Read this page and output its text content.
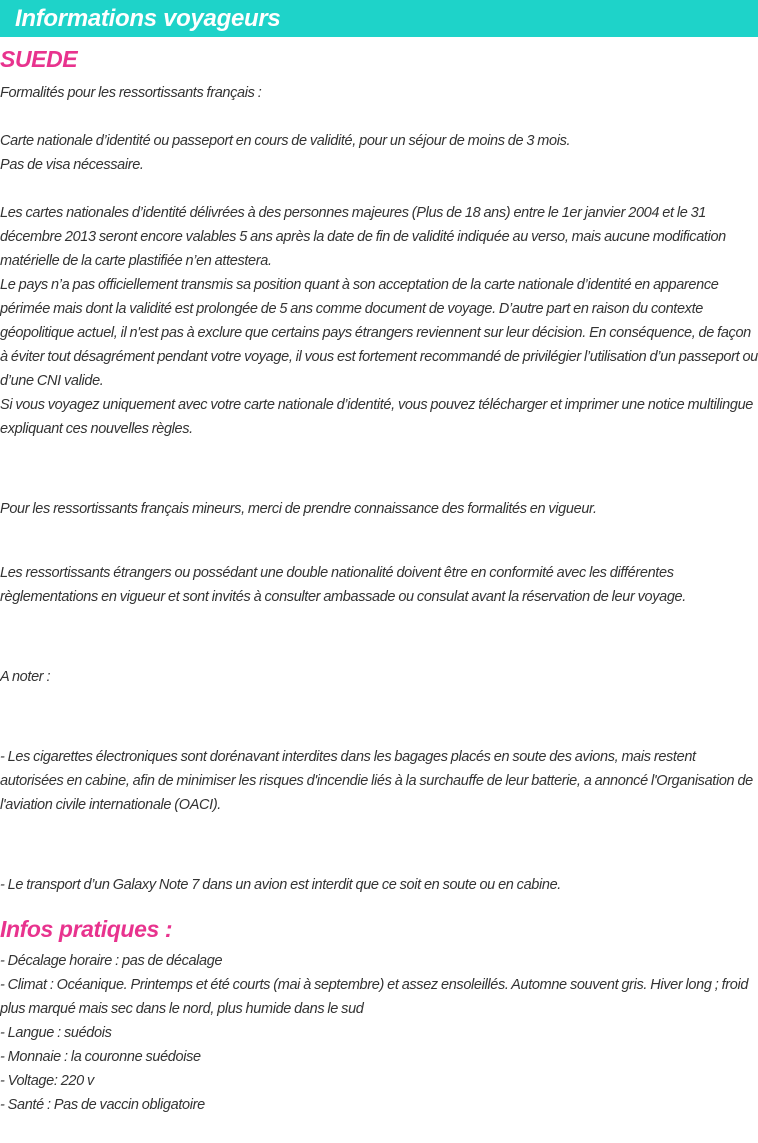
Informations voyageurs
SUEDE

Formalités pour les ressortissants français :

Carte nationale d’identité ou passeport en cours de validité, pour un séjour de moins de 3 mois.

Pas de visa nécessaire.

Les cartes nationales d’identité délivrées à des personnes majeures (Plus de 18 ans) entre le 1er janvier 2004 et le 31 décembre 2013 seront encore valables 5 ans après la date de fin de validité indiquée au verso, mais aucune modification matérielle de la carte plastifiée n’en attestera.

Le pays n’a pas officiellement transmis sa position quant à son acceptation de la carte nationale d’identité en apparence périmée mais dont la validité est prolongée de 5 ans comme document de voyage. D’autre part en raison du contexte géopolitique actuel, il n'est pas à exclure que certains pays étrangers reviennent sur leur décision. En conséquence, de façon à éviter tout désagrément pendant votre voyage, il vous est fortement recommandé de privilégier l’utilisation d’un passeport ou d’une CNI valide.

Si vous voyagez uniquement avec votre carte nationale d’identité, vous pouvez télécharger et imprimer une notice multilingue expliquant ces nouvelles règles.

Pour les ressortissants français mineurs, merci de prendre connaissance des formalités en vigueur.

Les ressortissants étrangers ou possédant une double nationalité doivent être en conformité avec les différentes règlementations en vigueur et sont invités à consulter ambassade ou consulat avant la réservation de leur voyage.

A noter :

- Les cigarettes électroniques sont dorénavant interdites dans les bagages placés en soute des avions, mais restent autorisées en cabine, afin de minimiser les risques d'incendie liés à la surchauffe de leur batterie, a annoncé l'Organisation de l'aviation civile internationale (OACI).

- Le transport d’un Galaxy Note 7 dans un avion est interdit que ce soit en soute ou en cabine.

Infos pratiques :

- Décalage horaire : pas de décalage

- Climat : Océanique. Printemps et été courts (mai à septembre) et assez ensoleillés. Automne souvent gris. Hiver long ; froid plus marqué mais sec dans le nord, plus humide dans le sud

- Langue : suédois

- Monnaie : la couronne suédoise

- Voltage: 220 v

- Santé : Pas de vaccin obligatoire
